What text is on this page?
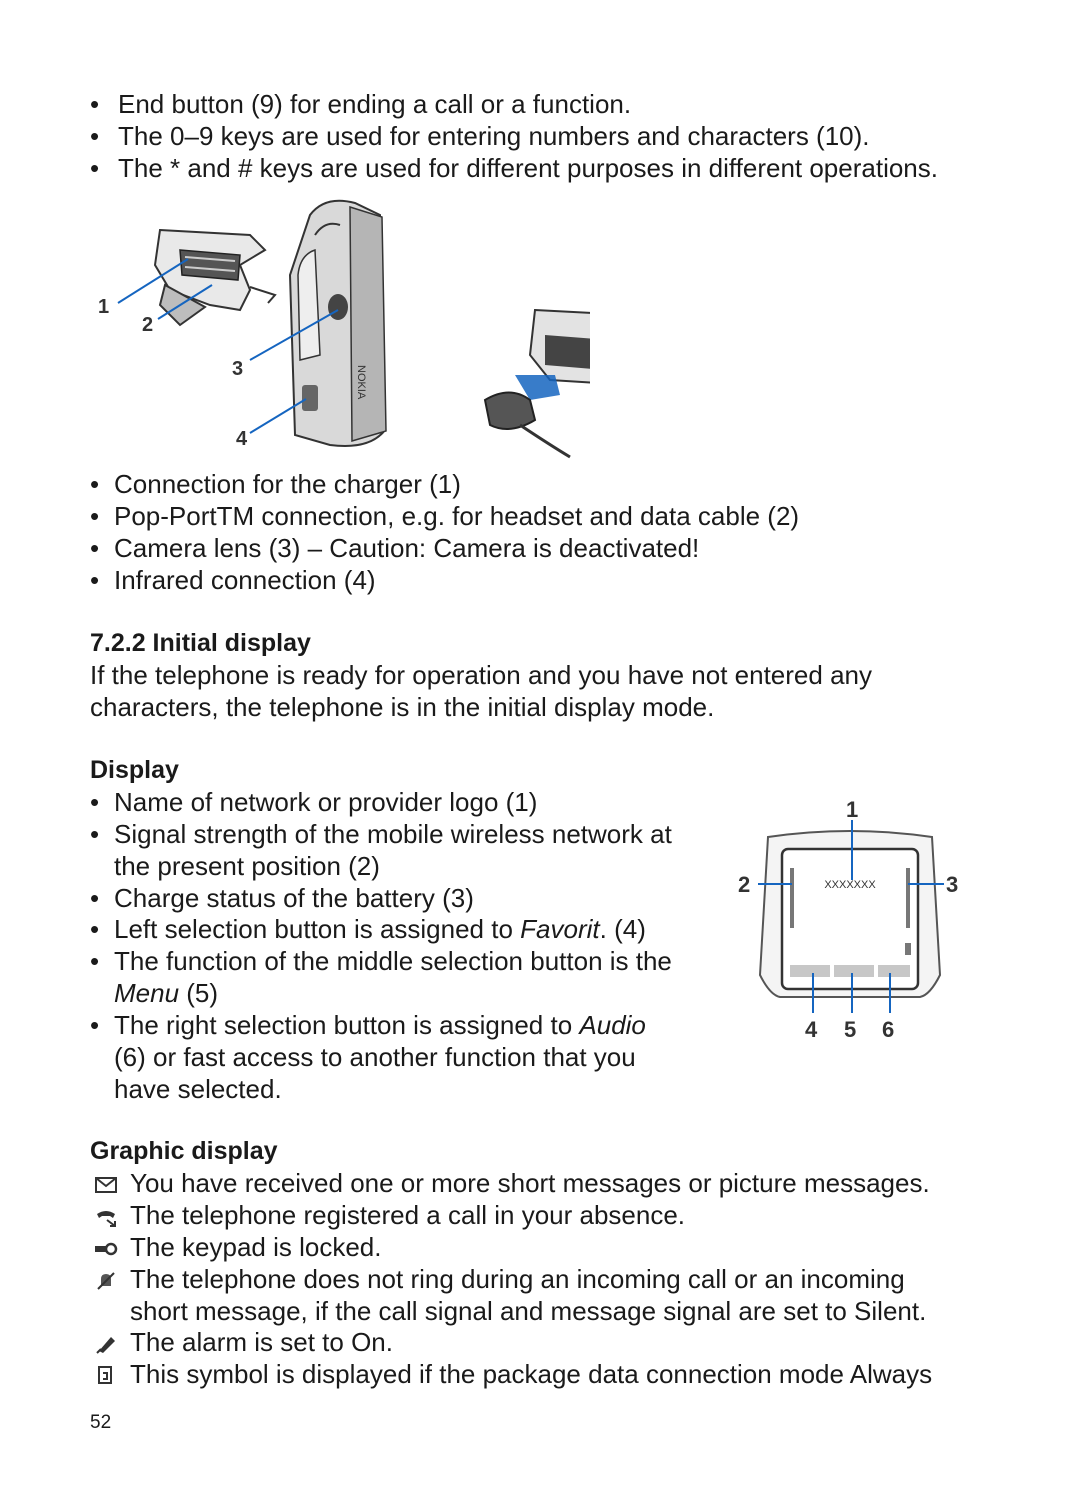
• End button (9) for ending a call or a function.
• The 0–9 keys are used for entering numbers and characters (10).
• The * and # keys are used for different purposes in different operations.
1
2
NOKIA
3
4
• Connection for the charger (1)
• Pop-PortTM connection, e.g. for headset and data cable (2)
• Camera lens (3) – Caution: Camera is deactivated!
• Infrared connection (4)
7.2.2 Initial display
If the telephone is ready for operation and you have not entered any
characters, the telephone is in the initial display mode.
Display
• Name of network or provider logo (1)
• Signal strength of the mobile wireless network at
the present position (2)
• Charge status of the battery (3)
• Left selection button is assigned to Favorit. (4)
• The function of the middle selection button is the
Menu (5)
• The right selection button is assigned to Audio
(6) or fast access to another function that you
have selected.
XXXXXXX
1
2	3
4 5 6
Graphic display
You have received one or more short messages or picture messages.
The telephone registered a call in your absence.
The keypad is locked.
The telephone does not ring during an incoming call or an incoming
short message, if the call signal and message signal are set to Silent.
The alarm is set to On.
This symbol is displayed if the package data connection mode Always
52
